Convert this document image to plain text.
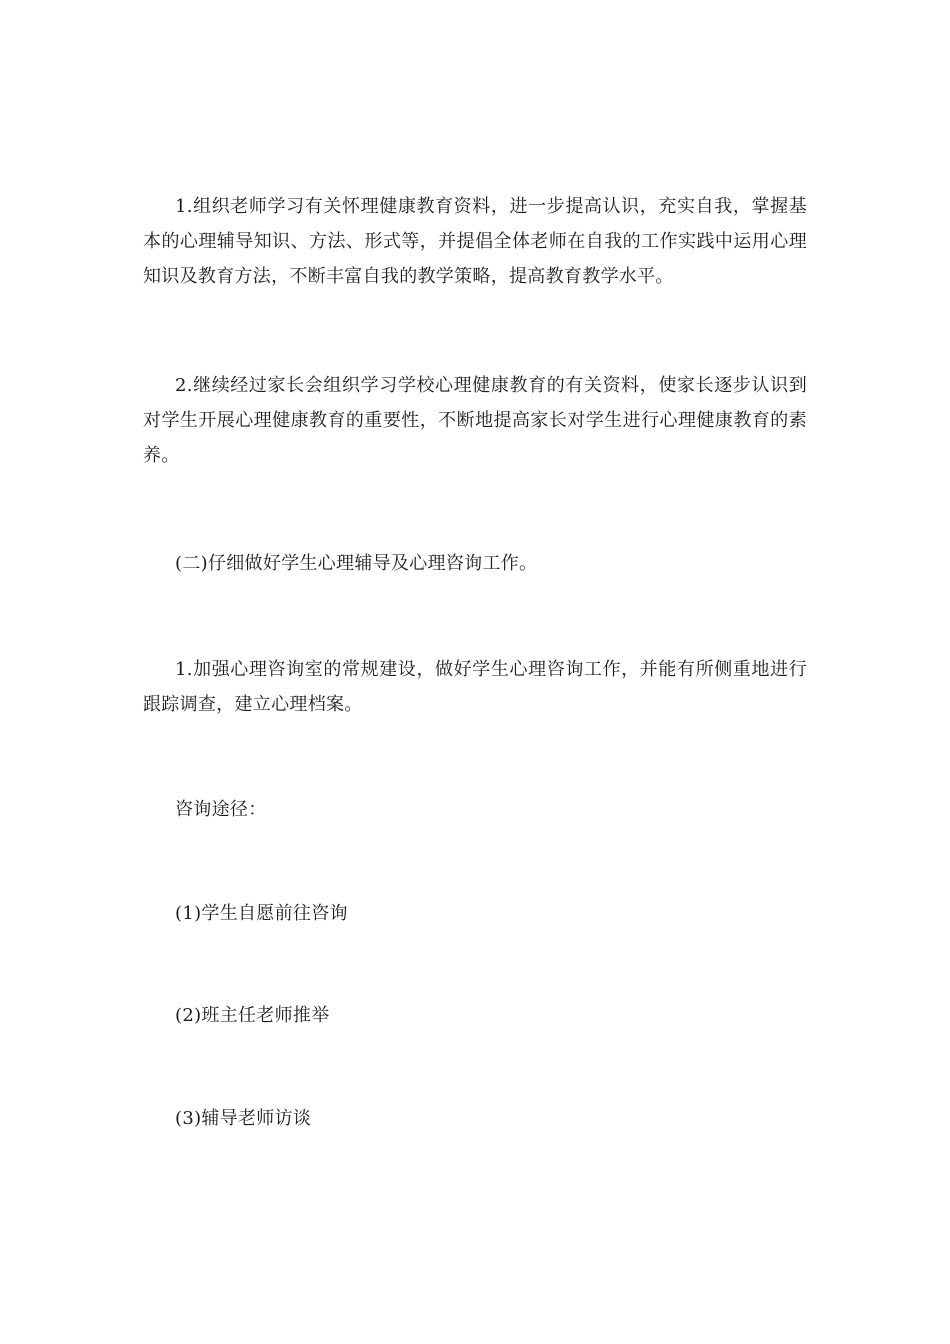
1.组织老师学习有关怀理健康教育资料，进一步提高认识，充实自我，掌握基本的心理辅导知识、方法、形式等，并提倡全体老师在自我的工作实践中运用心理知识及教育方法，不断丰富自我的教学策略，提高教育教学水平。

2.继续经过家长会组织学习学校心理健康教育的有关资料，使家长逐步认识到对学生开展心理健康教育的重要性，不断地提高家长对学生进行心理健康教育的素养。

(二)仔细做好学生心理辅导及心理咨询工作。

1.加强心理咨询室的常规建设，做好学生心理咨询工作，并能有所侧重地进行跟踪调查，建立心理档案。

咨询途径：

(1)学生自愿前往咨询

(2)班主任老师推举

(3)辅导老师访谈
